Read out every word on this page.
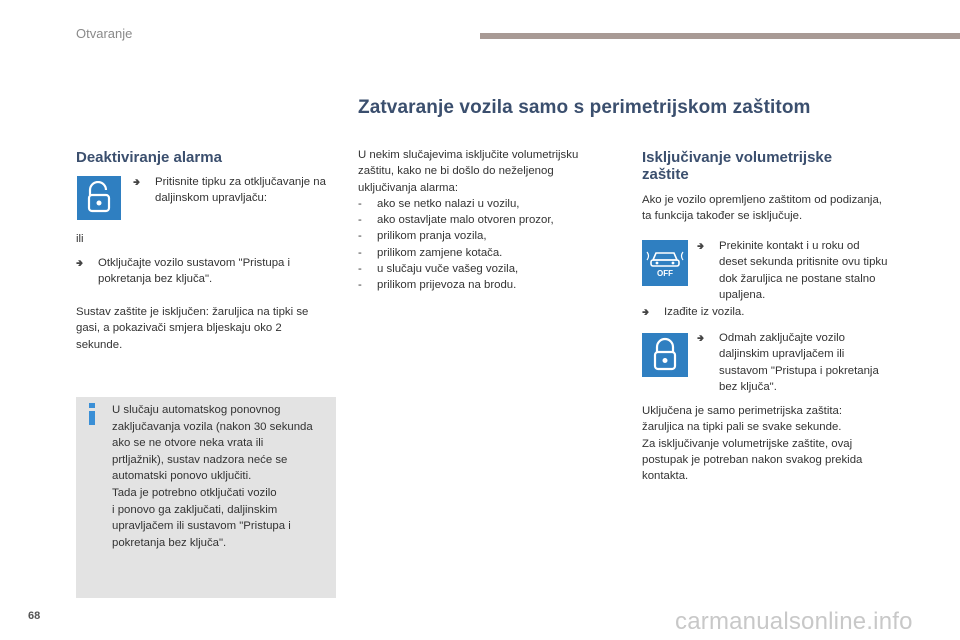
Otvaranje
Zatvaranje vozila samo s perimetrijskom zaštitom
Deaktiviranje alarma
🢂	Pritisnite tipku za otključavanje na daljinskom upravljaču:
ili
🢂	Otključajte vozilo sustavom "Pristupa i pokretanja bez ključa".
Sustav zaštite je isključen: žaruljica na tipki se gasi, a pokazivači smjera bljeskaju oko 2 sekunde.

U slučaju automatskog ponovnog

zaključavanja vozila (nakon 30 sekunda

ako se ne otvore neka vrata ili

prtljažnik), sustav nadzora neće se

automatski ponovo uključiti.

Tada je potrebno otključati vozilo

i ponovo ga zaključati, daljinskim

upravljačem ili sustavom "Pristupa i

pokretanja bez ključa".

U nekim slučajevima isključite volumetrijsku

zaštitu, kako ne bi došlo do neželjenog

uključivanja alarma:

- ako se netko nalazi u vozilu,
- ako ostavljate malo otvoren prozor,
- prilikom pranja vozila,
- prilikom zamjene kotača.
- u slučaju vuče vašeg vozila,
- prilikom prijevoza na brodu.
Isključivanje volumetrijske
zaštite

Ako je vozilo opremljeno zaštitom od podizanja,

ta funkcija također se isključuje.

OFF
🢂 Prekinite kontakt i u roku od

deset sekunda pritisnite ovu tipku

dok žaruljica ne postane stalno

upaljena.

🢂	Izađite iz vozila.
🢂 Odmah zaključajte vozilo

daljinskim upravljačem ili

sustavom "Pristupa i pokretanja

bez ključa".

Uključena je samo perimetrijska zaštita:

žaruljica na tipki pali se svake sekunde.

Za isključivanje volumetrijske zaštite, ovaj

postupak je potreban nakon svakog prekida

kontakta.

68	carmanualsonline.info
